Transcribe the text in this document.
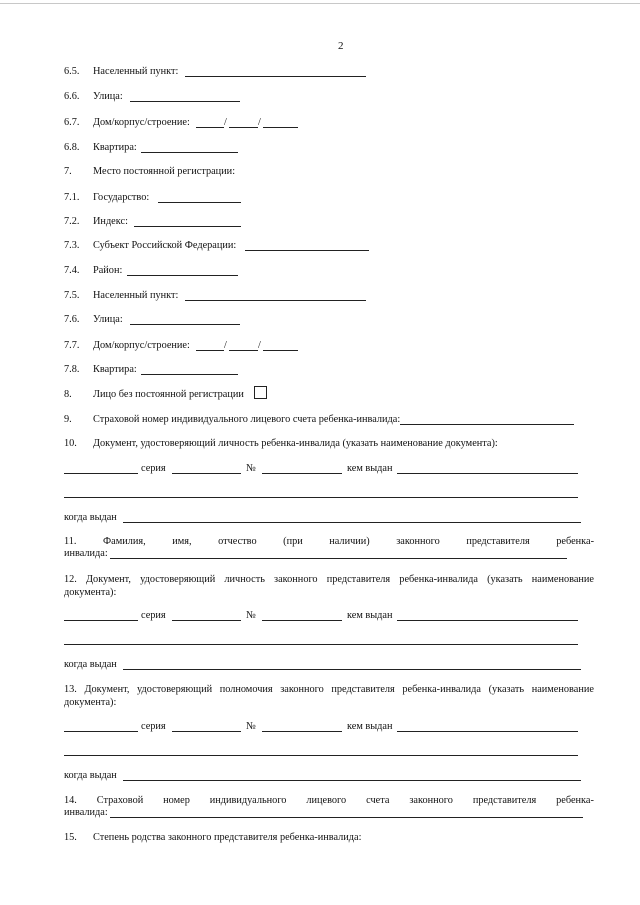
2
6.5. Населенный пункт:
6.6. Улица:
6.7. Дом/корпус/строение:	/	/
6.8. Квартира:
7. Место постоянной регистрации:
7.1. Государство:
7.2. Индекс:
7.3. Субъект Российской Федерации:
7.4. Район:
7.5. Населенный пункт:
7.6. Улица:
7.7. Дом/корпус/строение:	/	/
7.8. Квартира:
8. Лицо без постоянной регистрации
9. Страховой номер индивидуального лицевого счета ребенка-инвалида:
10. Документ, удостоверяющий личность ребенка-инвалида (указать наименование документа):
серия	№	кем выдан
когда выдан
11.	Фамилия,	имя,	отчество	(при	наличии)	законного	представителя	ребенка-
инвалида:
12. Документ, удостоверяющий личность законного представителя ребенка-инвалида (указать наименование
документа):
серия	№	кем выдан
когда выдан
13. Документ, удостоверяющий полномочия законного представителя ребенка-инвалида (указать наименование
документа):
серия	№	кем выдан
когда выдан
14. Страховой номер индивидуального лицевого счета законного представителя ребенка-
инвалида:
15. Степень родства законного представителя ребенка-инвалида:
